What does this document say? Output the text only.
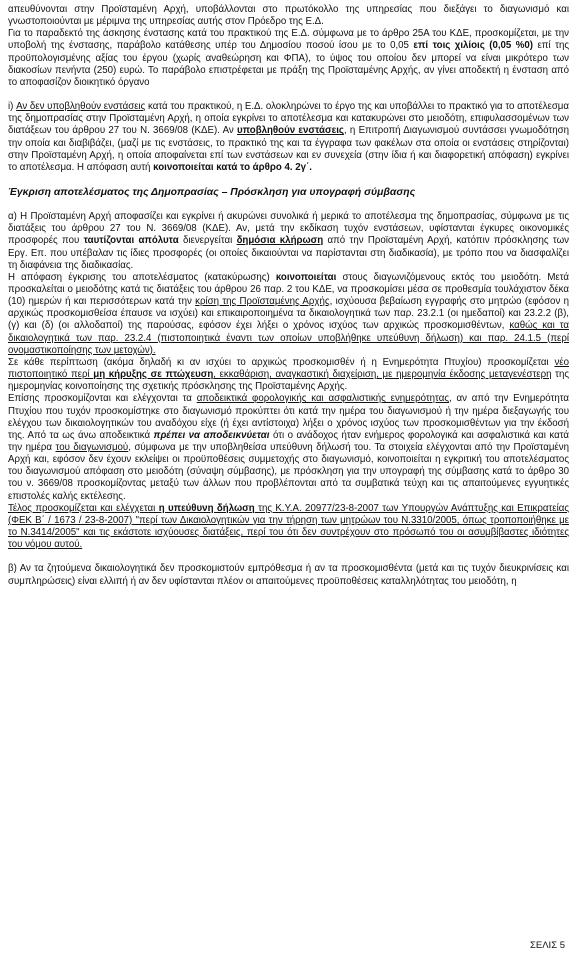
απευθύνονται στην Προϊσταμένη Αρχή, υποβάλλονται στο πρωτόκολλο της υπηρεσίας που διεξάγει το διαγωνισμό και γνωστοποιούνται με μέριμνα της υπηρεσίας αυτής στον Πρόεδρο της Ε.Δ.

Για το παραδεκτό της άσκησης ένστασης κατά του πρακτικού της Ε.Δ. σύμφωνα με το άρθρο 25Α του ΚΔΕ, προσκομίζεται, με την υποβολή της ένστασης, παράβολο κατάθεσης υπέρ του Δημοσίου ποσού ίσου με το 0,05 επί τοις χιλίοις (0,05 %0) επί της προϋπολογισμένης αξίας του έργου (χωρίς αναθεώρηση και ΦΠΑ), το ύψος του οποίου δεν μπορεί να είναι μικρότερο των διακοσίων πενήντα (250) ευρώ. Το παράβολο επιστρέφεται με πράξη της Προϊσταμένης Αρχής, αν γίνει αποδεκτή η ένσταση από το αποφασίζον διοικητικό όργανο

i) Αν δεν υποβληθούν ενστάσεις κατά του πρακτικού, η Ε.Δ. ολοκληρώνει το έργο της και υποβάλλει το πρακτικό για το αποτέλεσμα της δημοπρασίας στην Προϊσταμένη Αρχή, η οποία εγκρίνει το αποτέλεσμα και κατακυρώνει στο μειοδότη, επιφυλασσομένων των διατάξεων του άρθρου 27 του Ν. 3669/08 (ΚΔΕ). Αν υποβληθούν ενστάσεις, η Επιτροπή Διαγωνισμού συντάσσει γνωμοδότηση την οποία και διαβιβάζει, (μαζί με τις ενστάσεις, το πρακτικό της και τα έγγραφα των φακέλων στα οποία οι ενστάσεις στηρίζονται) στην Προϊσταμένη Αρχή, η οποία αποφαίνεται επί των ενστάσεων και εν συνεχεία (στην ίδια ή και διαφορετική απόφαση) εγκρίνει το αποτέλεσμα. Η απόφαση αυτή κοινοποιείται κατά το άρθρο 4. 2γ΄.

Έγκριση αποτελέσματος της Δημοπρασίας – Πρόσκληση για υπογραφή σύμβασης

α) Η Προϊσταμένη Αρχή αποφασίζει και εγκρίνει ή ακυρώνει συνολικά ή μερικά το αποτέλεσμα της δημοπρασίας, σύμφωνα με τις διατάξεις του άρθρου 27 του Ν. 3669/08 (ΚΔΕ). Αν, μετά την εκδίκαση τυχόν ενστάσεων, υφίστανται έγκυρες οικονομικές προσφορές που ταυτίζονται απόλυτα διενεργείται δημόσια κλήρωση από την Προϊσταμένη Αρχή, κατόπιν πρόσκλησης των Εργ. Επ. που υπέβαλαν τις ίδιες προσφορές (οι οποίες δικαιούνται να παρίστανται στη διαδικασία), με τρόπο που να διασφαλίζει τη διαφάνεια της διαδικασίας.

Η απόφαση έγκρισης του αποτελέσματος (κατακύρωσης) κοινοποιείται στους διαγωνιζόμενους εκτός του μειοδότη. Μετά προσκαλείται ο μειοδότης κατά τις διατάξεις του άρθρου 26 παρ. 2 του ΚΔΕ, να προσκομίσει μέσα σε προθεσμία τουλάχιστον δέκα (10) ημερών ή και περισσότερων κατά την κρίση της Προϊσταμένης Αρχής, ισχύουσα βεβαίωση εγγραφής στο μητρώο (εφόσον η αρχικώς προσκομισθείσα έπαυσε να ισχύει) και επικαιροποιημένα τα δικαιολογητικά των παρ. 23.2.1 (οι ημεδαποί) και 23.2.2 (β), (γ) και (δ) (οι αλλοδαποί) της παρούσας, εφόσον έχει λήξει ο χρόνος ισχύος των αρχικώς προσκομισθέντων, καθώς και τα δικαιολογητικά των παρ. 23.2.4 (πιστοποιητικά έναντι των οποίων υποβλήθηκε υπεύθυνη δήλωση) και παρ. 24.1.5 (περί ονομαστικοποίησης των μετοχών).

Σε κάθε περίπτωση (ακόμα δηλαδή κι αν ισχύει το αρχικώς προσκομισθέν ή η Ενημερότητα Πτυχίου) προσκομίζεται νέο πιστοποιητικό περί μη κήρυξης σε πτώχευση, εκκαθάριση, αναγκαστική διαχείριση, με ημερομηνία έκδοσης μεταγενέστερη της ημερομηνίας κοινοποίησης της σχετικής πρόσκλησης της Προϊσταμένης Αρχής.

Επίσης προσκομίζονται και ελέγχονται τα αποδεικτικά φορολογικής και ασφαλιστικής ενημερότητας, αν από την Ενημερότητα Πτυχίου που τυχόν προσκομίστηκε στο διαγωνισμό προκύπτει ότι κατά την ημέρα του διαγωνισμού ή την ημέρα διεξαγωγής του ελέγχου των δικαιολογητικών του αναδόχου είχε (ή έχει αντίστοιχα) λήξει ο χρόνος ισχύος των προσκομισθέντων για την έκδοσή της. Από τα ως άνω αποδεικτικά πρέπει να αποδεικνύεται ότι ο ανάδοχος ήταν ενήμερος φορολογικά και ασφαλιστικά και κατά την ημέρα του διαγωνισμού, σύμφωνα με την υποβληθείσα υπεύθυνη δήλωσή του. Τα στοιχεία ελέγχονται από την Προϊσταμένη Αρχή και, εφόσον δεν έχουν εκλείψει οι προϋποθέσεις συμμετοχής στο διαγωνισμό, κοινοποιείται η εγκριτική του αποτελέσματος του διαγωνισμού απόφαση στο μειοδότη (σύναψη σύμβασης), με πρόσκληση για την υπογραφή της σύμβασης κατά το άρθρο 30 του ν. 3669/08 προσκομίζοντας μεταξύ των άλλων που προβλέπονται από τα συμβατικά τεύχη και τις απαιτούμενες εγγυητικές επιστολές καλής εκτέλεσης.

Τέλος προσκομίζεται και ελέγχεται η υπεύθυνη δήλωση της Κ.Υ.Α. 20977/23-8-2007 των Υπουργών Ανάπτυξης και Επικρατείας (ΦΕΚ Β΄ / 1673 / 23-8-2007) "περί των Δικαιολογητικών για την τήρηση των μητρώων του Ν.3310/2005, όπως τροποποιήθηκε με το Ν.3414/2005" και τις εκάστοτε ισχύουσες διατάξεις, περί του ότι δεν συντρέχουν στο πρόσωπό του οι ασυμβίβαστες ιδιότητες του νόμου αυτού.

β) Αν τα ζητούμενα δικαιολογητικά δεν προσκομιστούν εμπρόθεσμα ή αν τα προσκομισθέντα (μετά και τις τυχόν διευκρινίσεις και συμπληρώσεις) είναι ελλιπή ή αν δεν υφίστανται πλέον οι απαιτούμενες προϋποθέσεις καταλληλότητας του μειοδότη, η

ΣΕΛΙΣ 5
